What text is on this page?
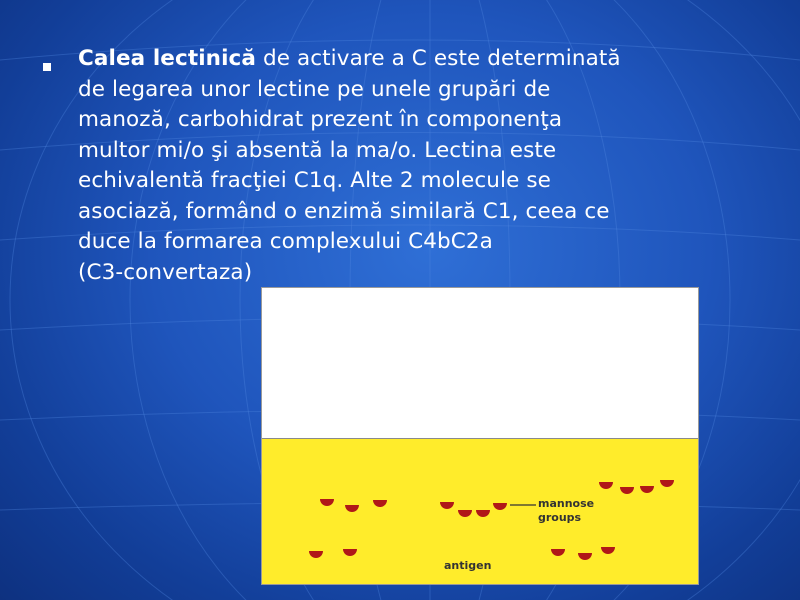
Calea lectinică de activare a C este determinată
de legarea unor lectine pe unele grupări de
manoză, carbohidrat prezent în componenţa
multor mi/o şi absentă la ma/o. Lectina este
echivalentă fracţiei C1q. Alte 2 molecule se
asociază, formând o enzimă similară C1, ceea ce
duce la formarea complexului C4bC2a
(C3-convertaza)
mannose
groups
antigen
